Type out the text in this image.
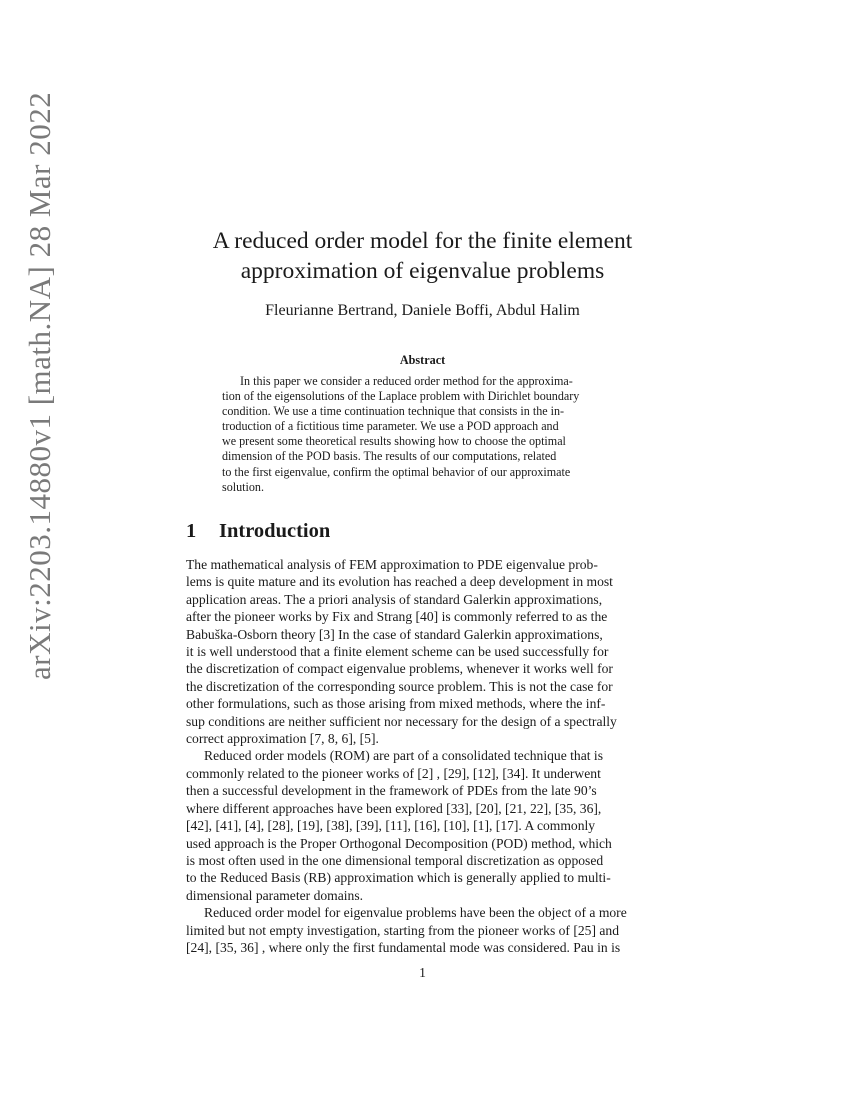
arXiv:2203.14880v1 [math.NA] 28 Mar 2022	A reduced order model for the finite element
approximation of eigenvalue problems
Fleurianne Bertrand, Daniele Boffi, Abdul Halim
Abstract
In this paper we consider a reduced order method for the approxima-
tion of the eigensolutions of the Laplace problem with Dirichlet boundary
condition. We use a time continuation technique that consists in the in-
troduction of a fictitious time parameter. We use a POD approach and
we present some theoretical results showing how to choose the optimal
dimension of the POD basis. The results of our computations, related
to the first eigenvalue, confirm the optimal behavior of our approximate
solution.
1 Introduction
The mathematical analysis of FEM approximation to PDE eigenvalue prob-
lems is quite mature and its evolution has reached a deep development in most
application areas. The a priori analysis of standard Galerkin approximations,
after the pioneer works by Fix and Strang [40] is commonly referred to as the
Babuška-Osborn theory [3] In the case of standard Galerkin approximations,
it is well understood that a finite element scheme can be used successfully for
the discretization of compact eigenvalue problems, whenever it works well for
the discretization of the corresponding source problem. This is not the case for
other formulations, such as those arising from mixed methods, where the inf-
sup conditions are neither sufficient nor necessary for the design of a spectrally
correct approximation [7, 8, 6], [5].
Reduced order models (ROM) are part of a consolidated technique that is
commonly related to the pioneer works of [2] , [29], [12], [34]. It underwent
then a successful development in the framework of PDEs from the late 90’s
where different approaches have been explored [33], [20], [21, 22], [35, 36],
[42], [41], [4], [28], [19], [38], [39], [11], [16], [10], [1], [17]. A commonly
used approach is the Proper Orthogonal Decomposition (POD) method, which
is most often used in the one dimensional temporal discretization as opposed
to the Reduced Basis (RB) approximation which is generally applied to multi-
dimensional parameter domains.
Reduced order model for eigenvalue problems have been the object of a more
limited but not empty investigation, starting from the pioneer works of [25] and
[24], [35, 36] , where only the first fundamental mode was considered. Pau in is
1
